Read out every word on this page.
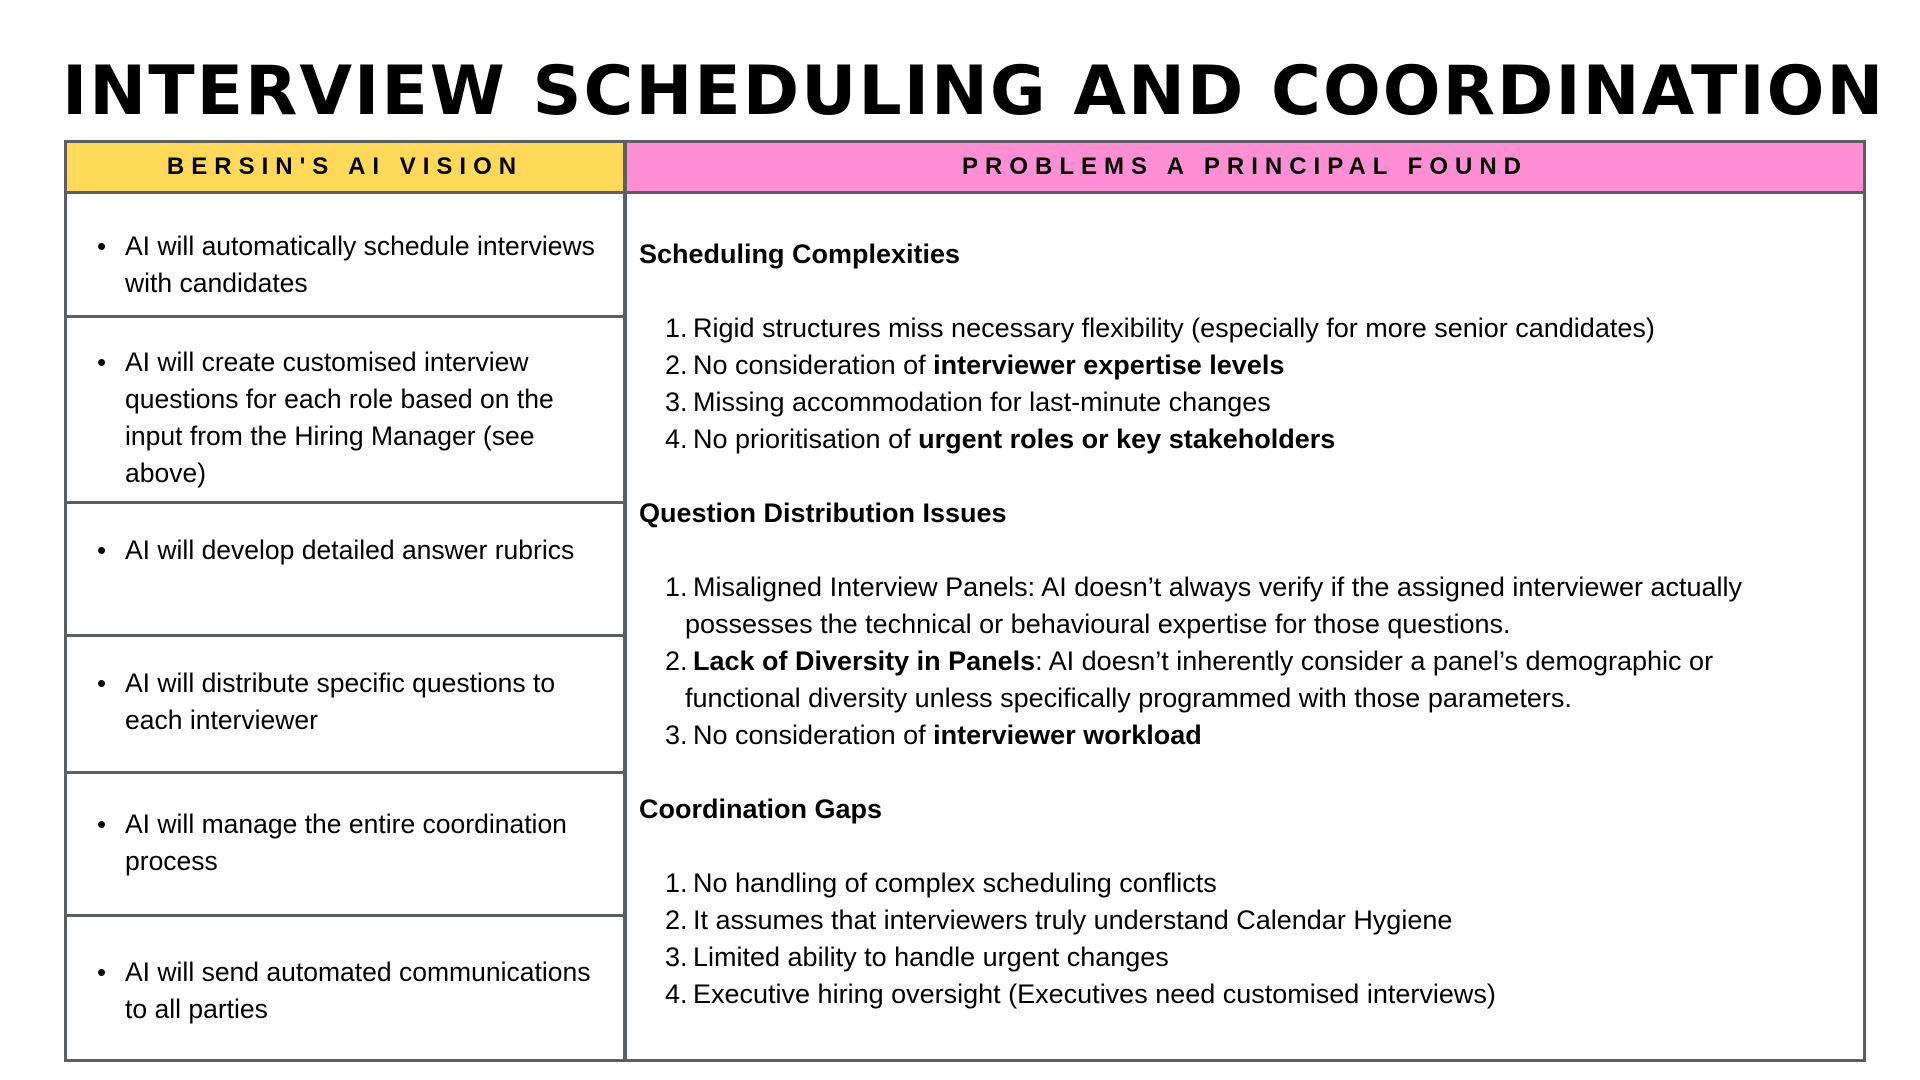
INTERVIEW SCHEDULING AND COORDINATION
BERSIN'S AI VISION	PROBLEMS A PRINCIPAL FOUND
• AI will automatically schedule interviews with candidates
• AI will create customised interview questions for each role based on the input from the Hiring Manager (see above)
• AI will develop detailed answer rubrics
• AI will distribute specific questions to each interviewer
• AI will manage the entire coordination process
• AI will send automated communications to all parties
Scheduling Complexities
1. Rigid structures miss necessary flexibility (especially for more senior candidates)
2. No consideration of interviewer expertise levels
3. Missing accommodation for last-minute changes
4. No prioritisation of urgent roles or key stakeholders
Question Distribution Issues
1. Misaligned Interview Panels: AI doesn’t always verify if the assigned interviewer actually
possesses the technical or behavioural expertise for those questions.
2. Lack of Diversity in Panels: AI doesn’t inherently consider a panel’s demographic or
functional diversity unless specifically programmed with those parameters.
3. No consideration of interviewer workload
Coordination Gaps
1. No handling of complex scheduling conflicts
2. It assumes that interviewers truly understand Calendar Hygiene
3. Limited ability to handle urgent changes
4. Executive hiring oversight (Executives need customised interviews)
